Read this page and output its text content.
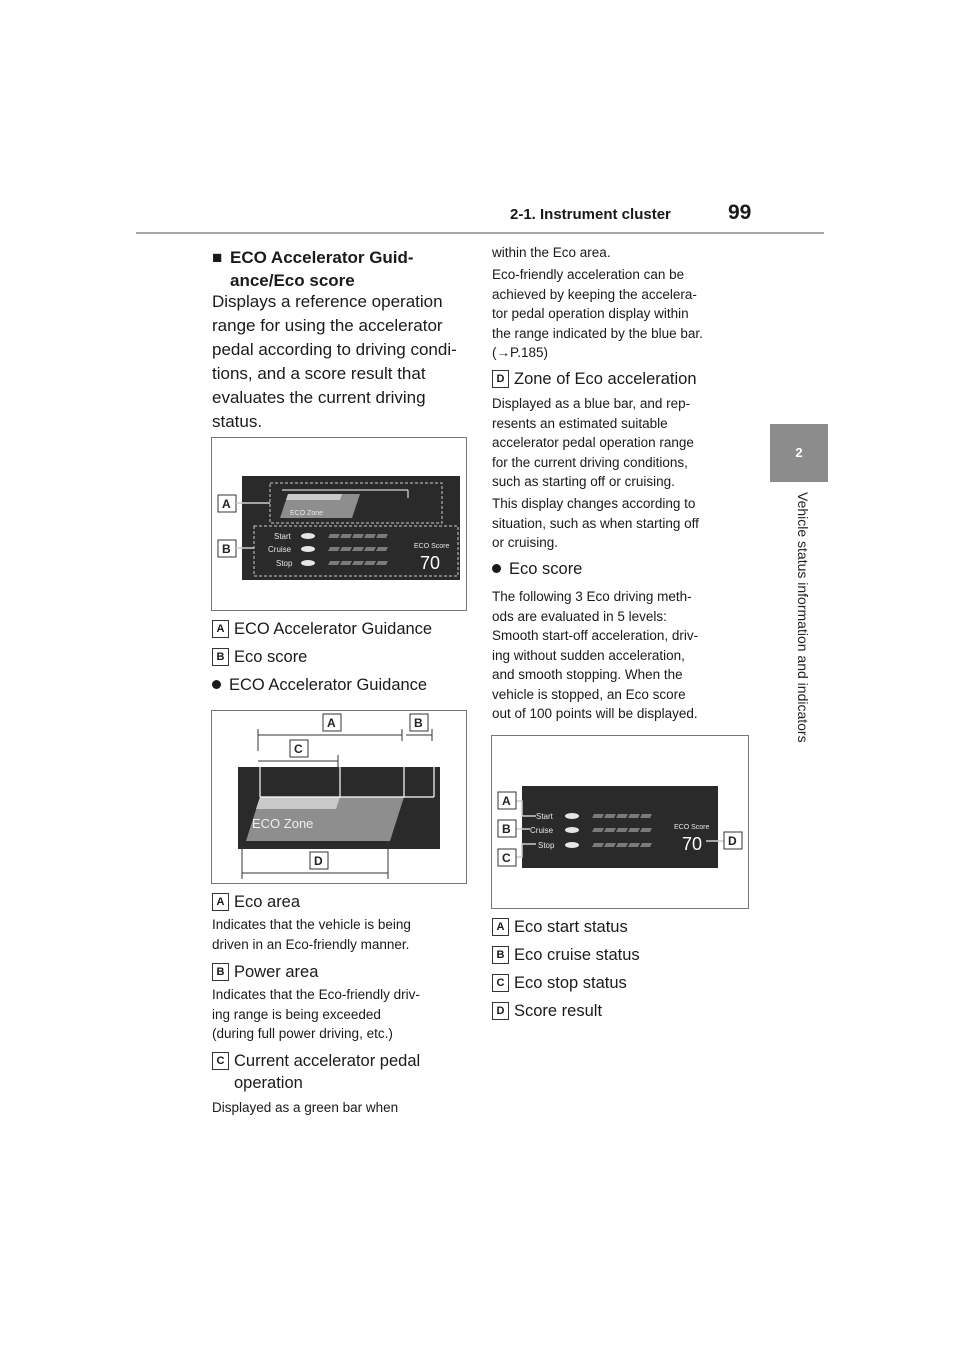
2-1. Instrument cluster	99
2
Vehicle status information and indicators
■ ECO Accelerator Guid-
ance/Eco score
Displays a reference operation
range for using the accelerator
pedal according to driving condi-
tions, and a score result that
evaluates the current driving
status.
ECO Zone
Start
Cruise
Stop
ECO Score
70
A
B
A ECO Accelerator Guidance
B Eco score
ECO Accelerator Guidance
ECO Zone
A	B
C
D
A Eco area
Indicates that the vehicle is being
driven in an Eco-friendly manner.
B Power area
Indicates that the Eco-friendly driv-
ing range is being exceeded
(during full power driving, etc.)
C Current accelerator pedal
operation
Displayed as a green bar when
within the Eco area.
Eco-friendly acceleration can be
achieved by keeping the accelera-
tor pedal operation display within
the range indicated by the blue bar.
(→P.185)
D Zone of Eco acceleration
Displayed as a blue bar, and rep-
resents an estimated suitable
accelerator pedal operation range
for the current driving conditions,
such as starting off or cruising.
This display changes according to
situation, such as when starting off
or cruising.
Eco score
The following 3 Eco driving meth-
ods are evaluated in 5 levels:
Smooth start-off acceleration, driv-
ing without sudden acceleration,
and smooth stopping. When the
vehicle is stopped, an Eco score
out of 100 points will be displayed.
Start
Cruise
Stop
ECO Score
70
A
B
C
D
A Eco start status
B Eco cruise status
C Eco stop status
D Score result
